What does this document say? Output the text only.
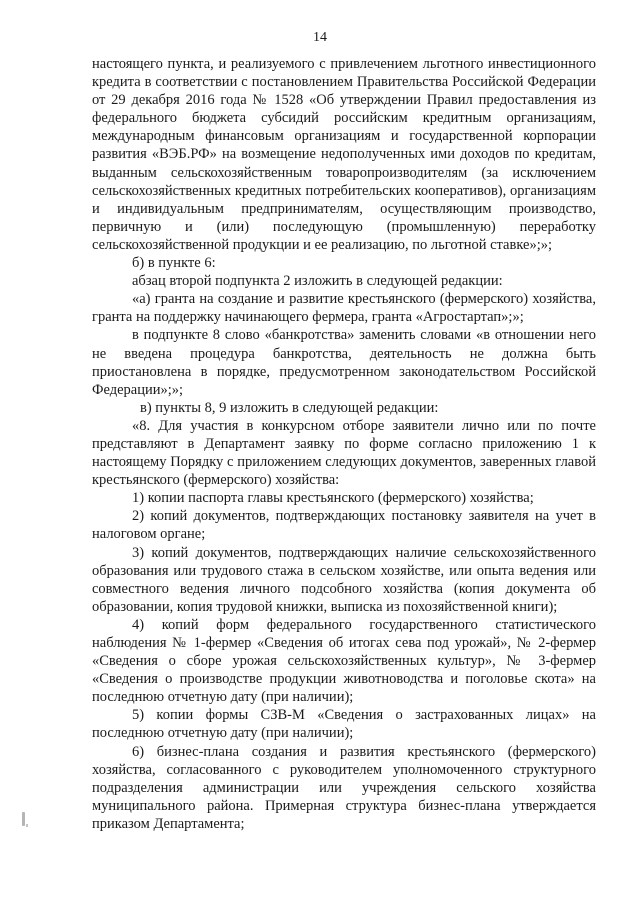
14

настоящего пункта, и реализуемого с привлечением льготного инвестиционного кредита в соответствии с постановлением Правительства Российской Федерации от 29 декабря 2016 года № 1528 «Об утверждении Правил предоставления из федерального бюджета субсидий российским кредитным организациям, международным финансовым организациям и государственной корпорации развития «ВЭБ.РФ» на возмещение недополученных ими доходов по кредитам, выданным сельскохозяйственным товаропроизводителям (за исключением сельскохозяйственных кредитных потребительских кооперативов), организациям и индивидуальным предпринимателям, осуществляющим производство, первичную и (или) последующую (промышленную) переработку сельскохозяйственной продукции и ее реализацию, по льготной ставке»;»;

б) в пункте 6:

абзац второй подпункта 2 изложить в следующей редакции:

«а) гранта на создание и развитие крестьянского (фермерского) хозяйства, гранта на поддержку начинающего фермера, гранта «Агростартап»;»;

в подпункте 8 слово «банкротства» заменить словами «в отношении него не введена процедура банкротства, деятельность не должна быть приостановлена в порядке, предусмотренном законодательством Российской Федерации»;»;

в) пункты 8, 9 изложить в следующей редакции:

«8. Для участия в конкурсном отборе заявители лично или по почте представляют в Департамент заявку по форме согласно приложению 1 к настоящему Порядку с приложением следующих документов, заверенных главой крестьянского (фермерского) хозяйства:

1) копии паспорта главы крестьянского (фермерского) хозяйства;

2) копий документов, подтверждающих постановку заявителя на учет в налоговом органе;

3) копий документов, подтверждающих наличие сельскохозяйственного образования или трудового стажа в сельском хозяйстве, или опыта ведения или совместного ведения личного подсобного хозяйства (копия документа об образовании, копия трудовой книжки, выписка из похозяйственной книги);

4) копий форм федерального государственного статистического наблюдения № 1-фермер «Сведения об итогах сева под урожай», № 2-фермер «Сведения о сборе урожая сельскохозяйственных культур», № 3-фермер «Сведения о производстве продукции животноводства и поголовье скота» на последнюю отчетную дату (при наличии);

5) копии формы СЗВ-М «Сведения о застрахованных лицах» на последнюю отчетную дату (при наличии);

6) бизнес-плана создания и развития крестьянского (фермерского) хозяйства, согласованного с руководителем уполномоченного структурного подразделения администрации или учреждения сельского хозяйства муниципального района. Примерная структура бизнес-плана утверждается приказом Департамента;
